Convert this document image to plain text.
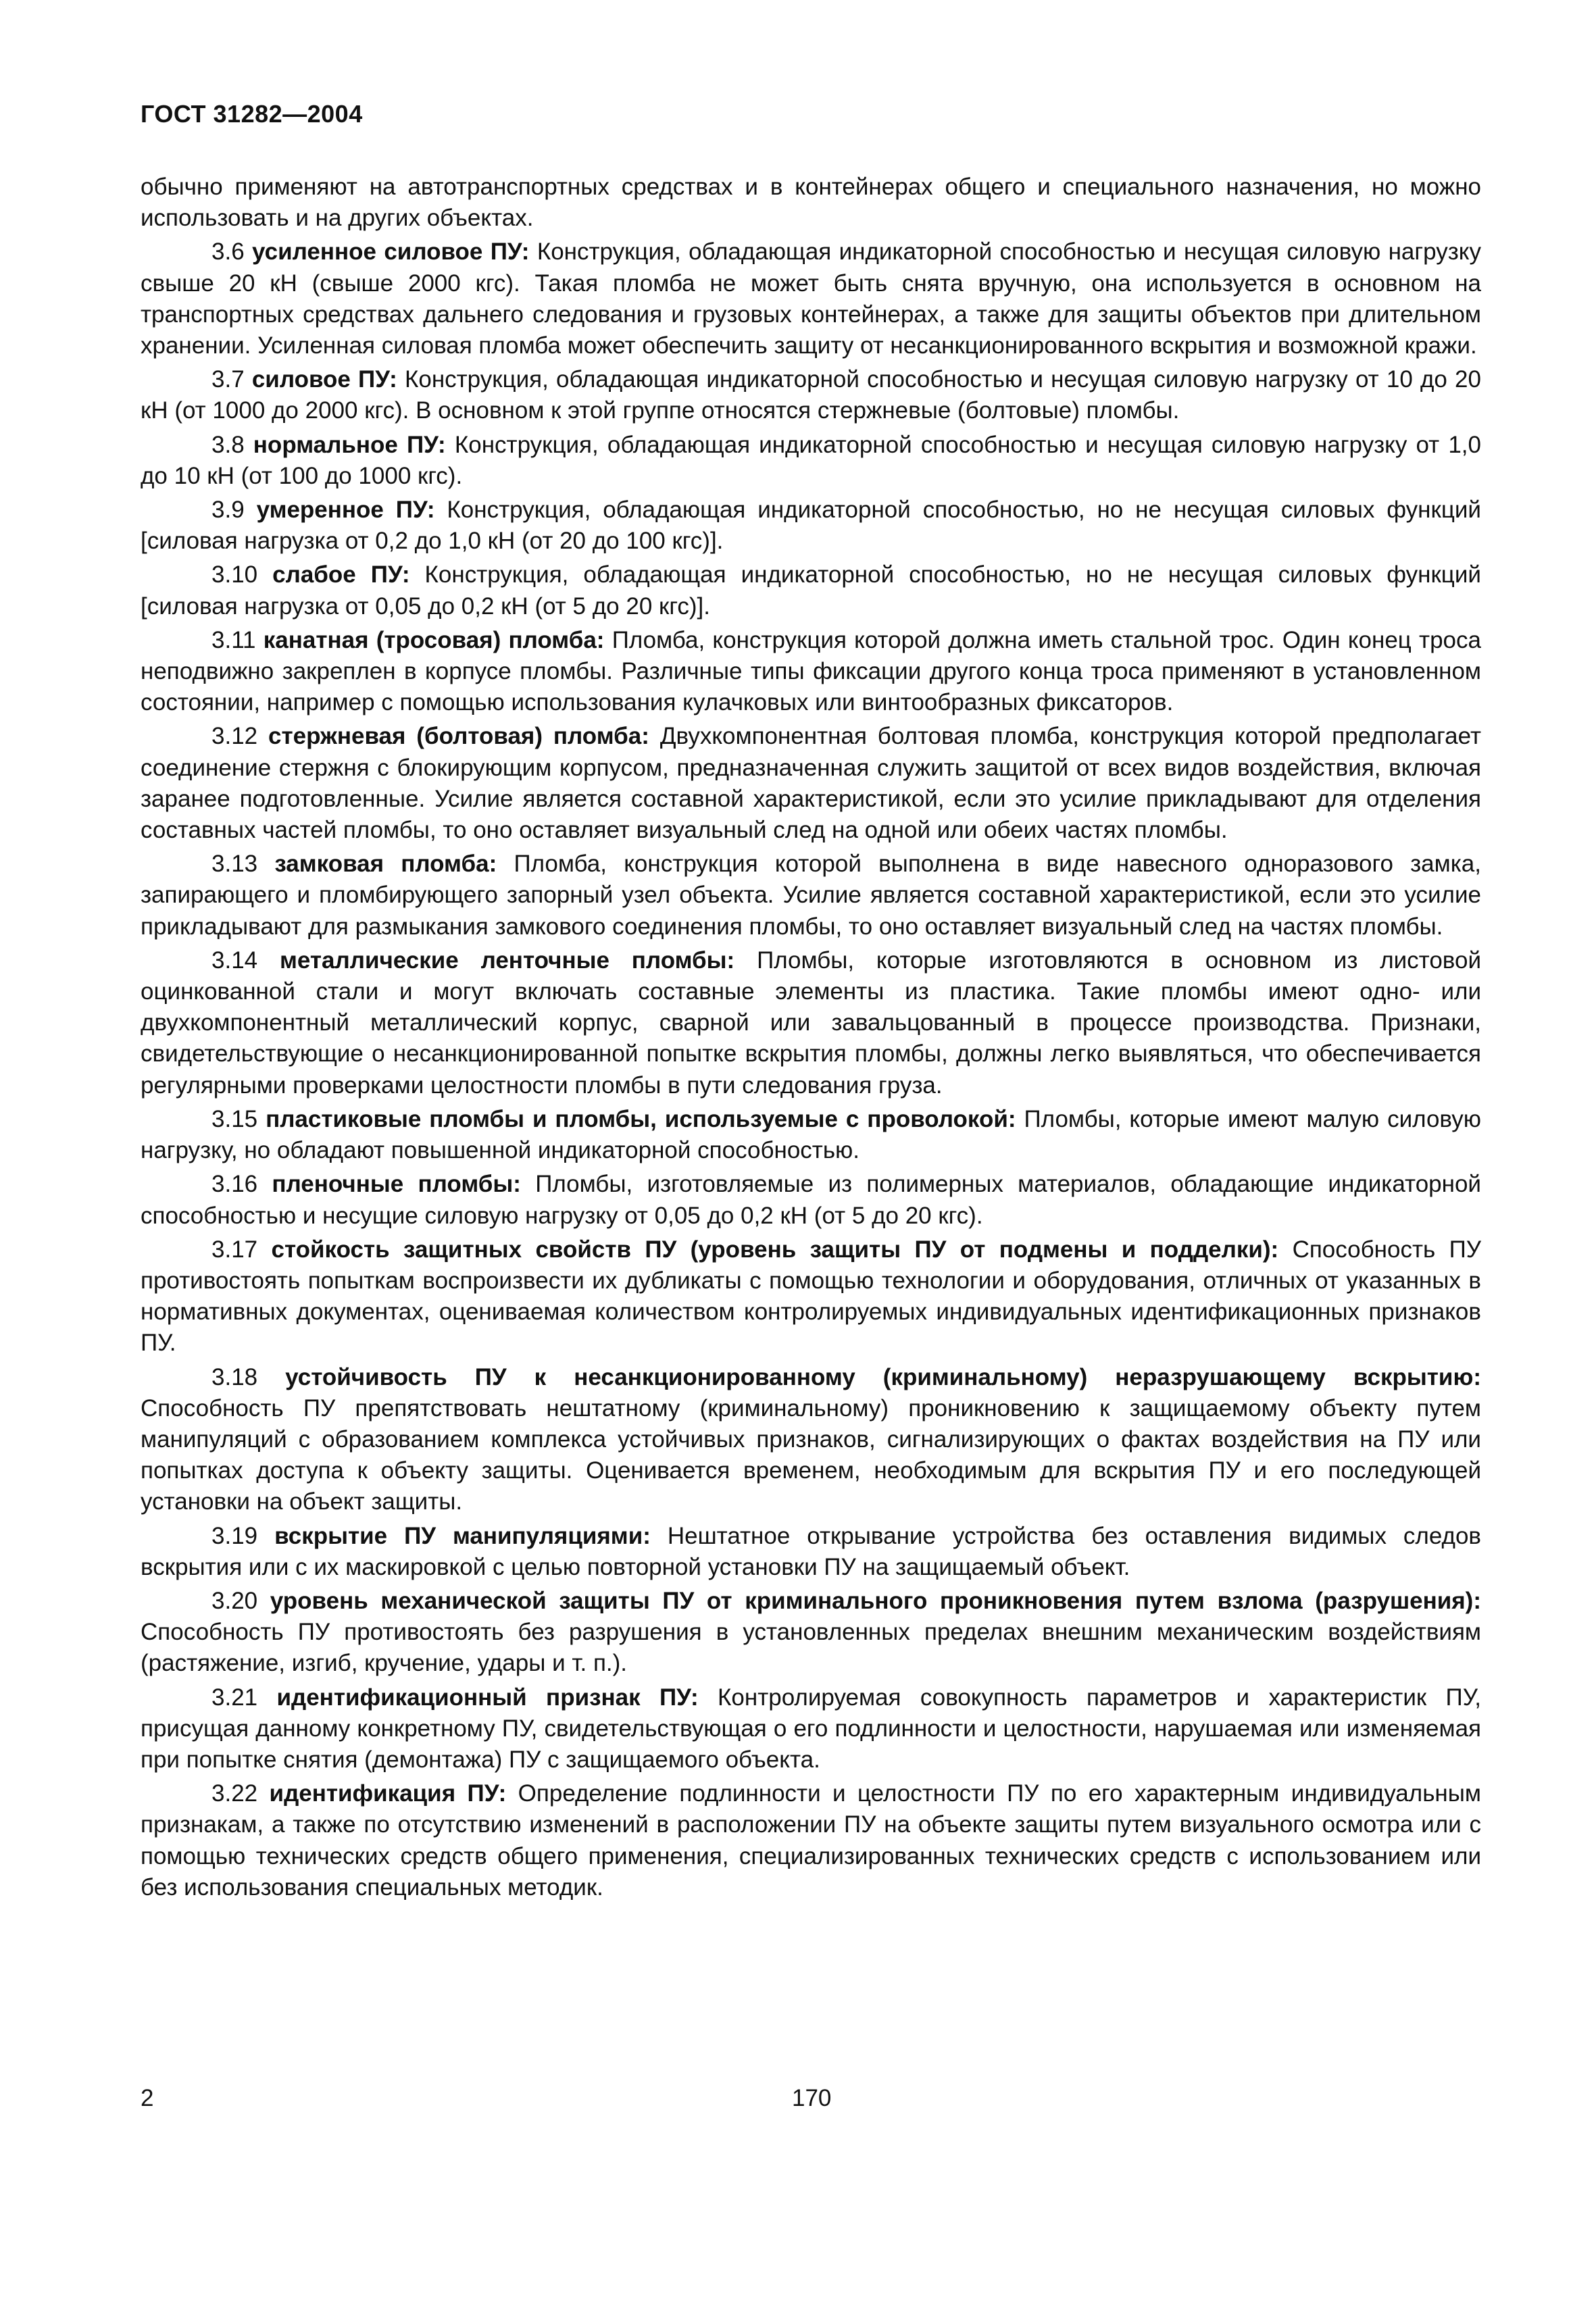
ГОСТ 31282—2004

обычно применяют на автотранспортных средствах и в контейнерах общего и специального назначения, но можно использовать и на других объектах.

3.6 усиленное силовое ПУ: Конструкция, обладающая индикаторной способностью и несущая силовую нагрузку свыше 20 кН (свыше 2000 кгс). Такая пломба не может быть снята вручную, она используется в основном на транспортных средствах дальнего следования и грузовых контейнерах, а также для защиты объектов при длительном хранении. Усиленная силовая пломба может обеспечить защиту от несанкционированного вскрытия и возможной кражи.

3.7 силовое ПУ: Конструкция, обладающая индикаторной способностью и несущая силовую нагрузку от 10 до 20 кН (от 1000 до 2000 кгс). В основном к этой группе относятся стержневые (болтовые) пломбы.

3.8 нормальное ПУ: Конструкция, обладающая индикаторной способностью и несущая силовую нагрузку от 1,0 до 10 кН (от 100 до 1000 кгс).

3.9 умеренное ПУ: Конструкция, обладающая индикаторной способностью, но не несущая силовых функций [силовая нагрузка от 0,2 до 1,0 кН (от 20 до 100 кгс)].

3.10 слабое ПУ: Конструкция, обладающая индикаторной способностью, но не несущая силовых функций [силовая нагрузка от 0,05 до 0,2 кН (от 5 до 20 кгс)].

3.11 канатная (тросовая) пломба: Пломба, конструкция которой должна иметь стальной трос. Один конец троса неподвижно закреплен в корпусе пломбы. Различные типы фиксации другого конца троса применяют в установленном состоянии, например с помощью использования кулачковых или винтообразных фиксаторов.

3.12 стержневая (болтовая) пломба: Двухкомпонентная болтовая пломба, конструкция которой предполагает соединение стержня с блокирующим корпусом, предназначенная служить защитой от всех видов воздействия, включая заранее подготовленные. Усилие является составной характеристикой, если это усилие прикладывают для отделения составных частей пломбы, то оно оставляет визуальный след на одной или обеих частях пломбы.

3.13 замковая пломба: Пломба, конструкция которой выполнена в виде навесного одноразового замка, запирающего и пломбирующего запорный узел объекта. Усилие является составной характеристикой, если это усилие прикладывают для размыкания замкового соединения пломбы, то оно оставляет визуальный след на частях пломбы.

3.14 металлические ленточные пломбы: Пломбы, которые изготовляются в основном из листовой оцинкованной стали и могут включать составные элементы из пластика. Такие пломбы имеют одно- или двухкомпонентный металлический корпус, сварной или завальцованный в процессе производства. Признаки, свидетельствующие о несанкционированной попытке вскрытия пломбы, должны легко выявляться, что обеспечивается регулярными проверками целостности пломбы в пути следования груза.

3.15 пластиковые пломбы и пломбы, используемые с проволокой: Пломбы, которые имеют малую силовую нагрузку, но обладают повышенной индикаторной способностью.

3.16 пленочные пломбы: Пломбы, изготовляемые из полимерных материалов, обладающие индикаторной способностью и несущие силовую нагрузку от 0,05 до 0,2 кН (от 5 до 20 кгс).

3.17 стойкость защитных свойств ПУ (уровень защиты ПУ от подмены и подделки): Способность ПУ противостоять попыткам воспроизвести их дубликаты с помощью технологии и оборудования, отличных от указанных в нормативных документах, оцениваемая количеством контролируемых индивидуальных идентификационных признаков ПУ.

3.18 устойчивость ПУ к несанкционированному (криминальному) неразрушающему вскрытию: Способность ПУ препятствовать нештатному (криминальному) проникновению к защищаемому объекту путем манипуляций с образованием комплекса устойчивых признаков, сигнализирующих о фактах воздействия на ПУ или попытках доступа к объекту защиты. Оценивается временем, необходимым для вскрытия ПУ и его последующей установки на объект защиты.

3.19 вскрытие ПУ манипуляциями: Нештатное открывание устройства без оставления видимых следов вскрытия или с их маскировкой с целью повторной установки ПУ на защищаемый объект.

3.20 уровень механической защиты ПУ от криминального проникновения путем взлома (разрушения): Способность ПУ противостоять без разрушения в установленных пределах внешним механическим воздействиям (растяжение, изгиб, кручение, удары и т. п.).

3.21 идентификационный признак ПУ: Контролируемая совокупность параметров и характеристик ПУ, присущая данному конкретному ПУ, свидетельствующая о его подлинности и целостности, нарушаемая или изменяемая при попытке снятия (демонтажа) ПУ с защищаемого объекта.

3.22 идентификация ПУ: Определение подлинности и целостности ПУ по его характерным индивидуальным признакам, а также по отсутствию изменений в расположении ПУ на объекте защиты путем визуального осмотра или с помощью технических средств общего применения, специализированных технических средств с использованием или без использования специальных методик.

2	170
